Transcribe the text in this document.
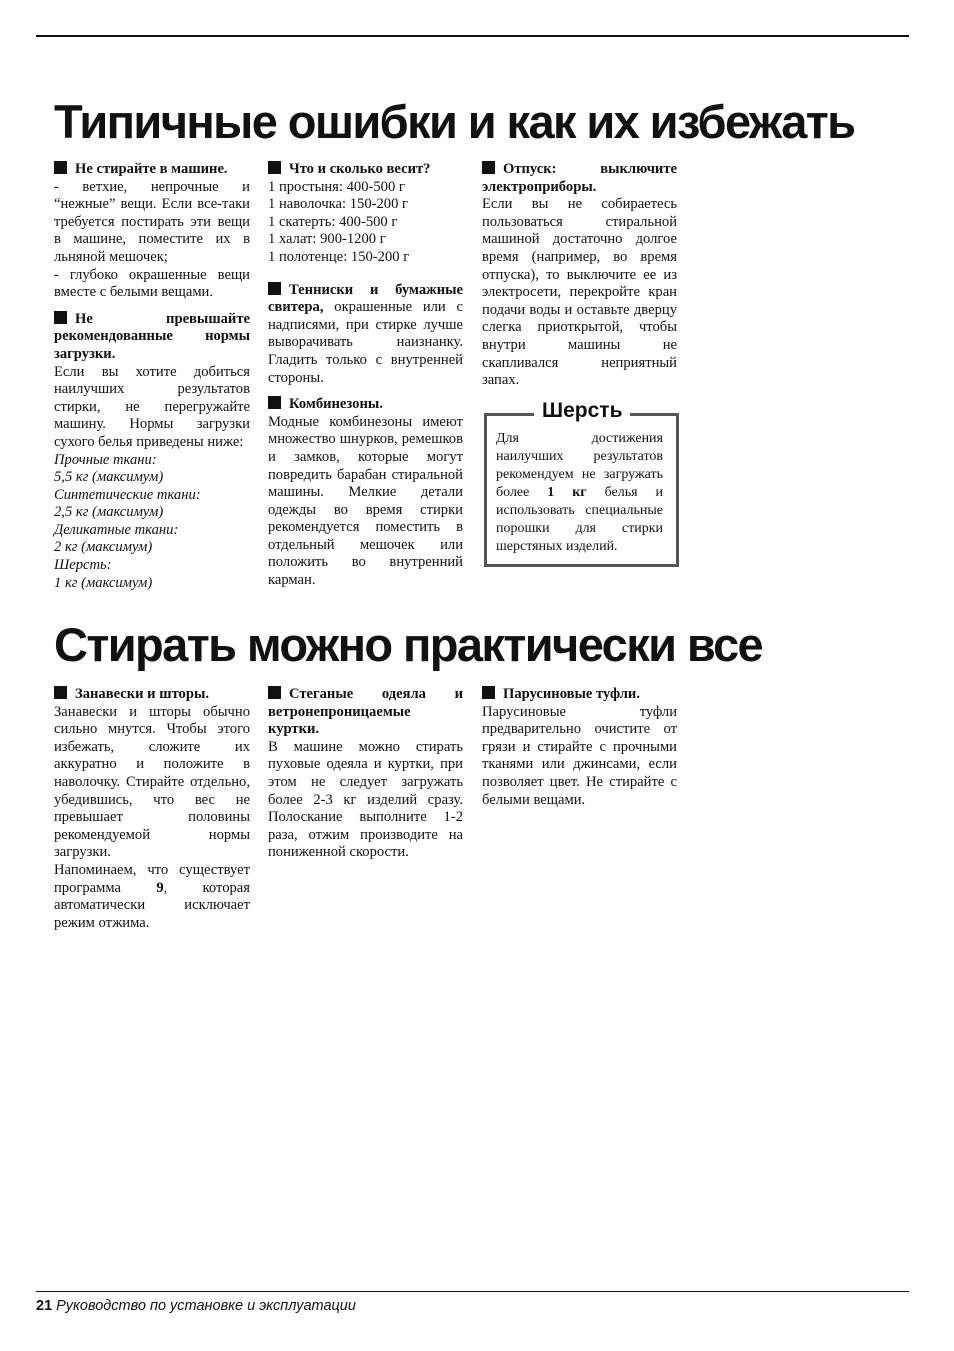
Типичные ошибки и как их избежать

Не стирайте в машине.

- ветхие, непрочные и “нежные” вещи. Если все-таки требуется постирать эти вещи в машине, поместите их в льняной мешочек;

- глубоко окрашенные вещи вместе с белыми вещами.

Не превышайте рекомендованные нормы загрузки.

Если вы хотите добиться наилучших результатов стирки, не перегружайте машину. Нормы загрузки сухого белья приведены ниже:

Прочные ткани:

5,5 кг (максимум)

Синтетические ткани:

2,5 кг (максимум)

Деликатные ткани:

2 кг (максимум)

Шерсть:

1 кг (максимум)

Что и сколько весит?

1 простыня: 400-500 г

1 наволочка: 150-200 г

1 скатерть: 400-500 г

1 халат: 900-1200 г

1 полотенце: 150-200 г

Тенниски и бумажные свитера, окрашенные или с надписями, при стирке лучше выворачивать наизнанку. Гладить только с внутренней стороны.

Комбинезоны.

Модные комбинезоны имеют множество шнурков, ремешков и замков, которые могут повредить барабан стиральной машины. Мелкие детали одежды во время стирки рекомендуется поместить в отдельный мешочек или положить во внутренний карман.

Отпуск: выключите электроприборы.

Если вы не собираетесь пользоваться стиральной машиной достаточно долгое время (например, во время отпуска), то выключите ее из электросети, перекройте кран подачи воды и оставьте дверцу слегка приоткрытой, чтобы внутри машины не скапливался неприятный запах.

Шерсть
Для достижения наилучших результатов рекомендуем не загружать более 1 кг белья и использовать специальные порошки для стирки шерстяных изделий.
Стирать можно практически все

Занавески и шторы.

Занавески и шторы обычно сильно мнутся. Чтобы этого избежать, сложите их аккуратно и положите в наволочку. Стирайте отдельно, убедившись, что вес не превышает половины рекомендуемой нормы загрузки.

Напоминаем, что существует программа 9, которая автоматически исключает режим отжима.

Стеганые одеяла и ветронепроницаемые куртки.

В машине можно стирать пуховые одеяла и куртки, при этом не следует загружать более 2-3 кг изделий сразу. Полоскание выполните 1-2 раза, отжим производите на пониженной скорости.

Парусиновые туфли.

Парусиновые туфли предварительно очистите от грязи и стирайте с прочными тканями или джинсами, если позволяет цвет. Не стирайте с белыми вещами.

21 Руководство по установке и эксплуатации
